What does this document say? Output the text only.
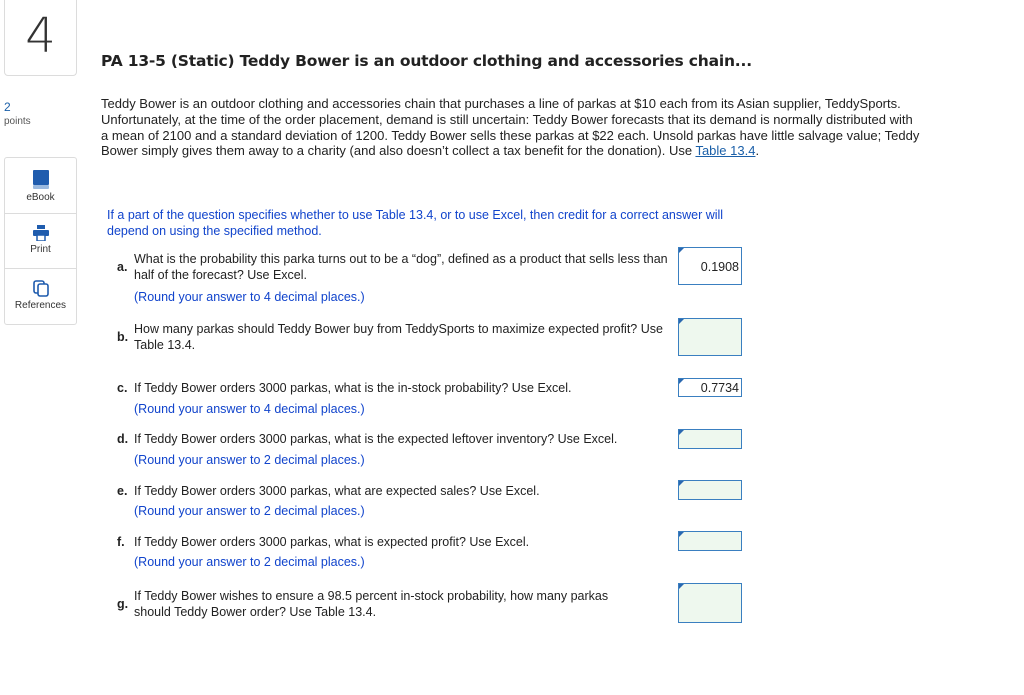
4
2
points
eBook
Print
References
PA 13-5 (Static) Teddy Bower is an outdoor clothing and accessories chain...
Teddy Bower is an outdoor clothing and accessories chain that purchases a line of parkas at $10 each from its Asian supplier, TeddySports. Unfortunately, at the time of the order placement, demand is still uncertain: Teddy Bower forecasts that its demand is normally distributed with a mean of 2100 and a standard deviation of 1200. Teddy Bower sells these parkas at $22 each. Unsold parkas have little salvage value; Teddy Bower simply gives them away to a charity (and also doesn’t collect a tax benefit for the donation). Use Table 13.4.
If a part of the question specifies whether to use Table 13.4, or to use Excel, then credit for a correct answer will depend on using the specified method.
a.
What is the probability this parka turns out to be a “dog”, defined as a product that sells less than half of the forecast? Use Excel.
(Round your answer to 4 decimal places.)
0.1908
b.
How many parkas should Teddy Bower buy from TeddySports to maximize expected profit? Use Table 13.4.
c. If Teddy Bower orders 3000 parkas, what is the in-stock probability? Use Excel.
(Round your answer to 4 decimal places.)
0.7734
d. If Teddy Bower orders 3000 parkas, what is the expected leftover inventory? Use Excel.
(Round your answer to 2 decimal places.)
e. If Teddy Bower orders 3000 parkas, what are expected sales? Use Excel.
(Round your answer to 2 decimal places.)
f. If Teddy Bower orders 3000 parkas, what is expected profit? Use Excel.
(Round your answer to 2 decimal places.)
g.
If Teddy Bower wishes to ensure a 98.5 percent in-stock probability, how many parkas should Teddy Bower order? Use Table 13.4.
